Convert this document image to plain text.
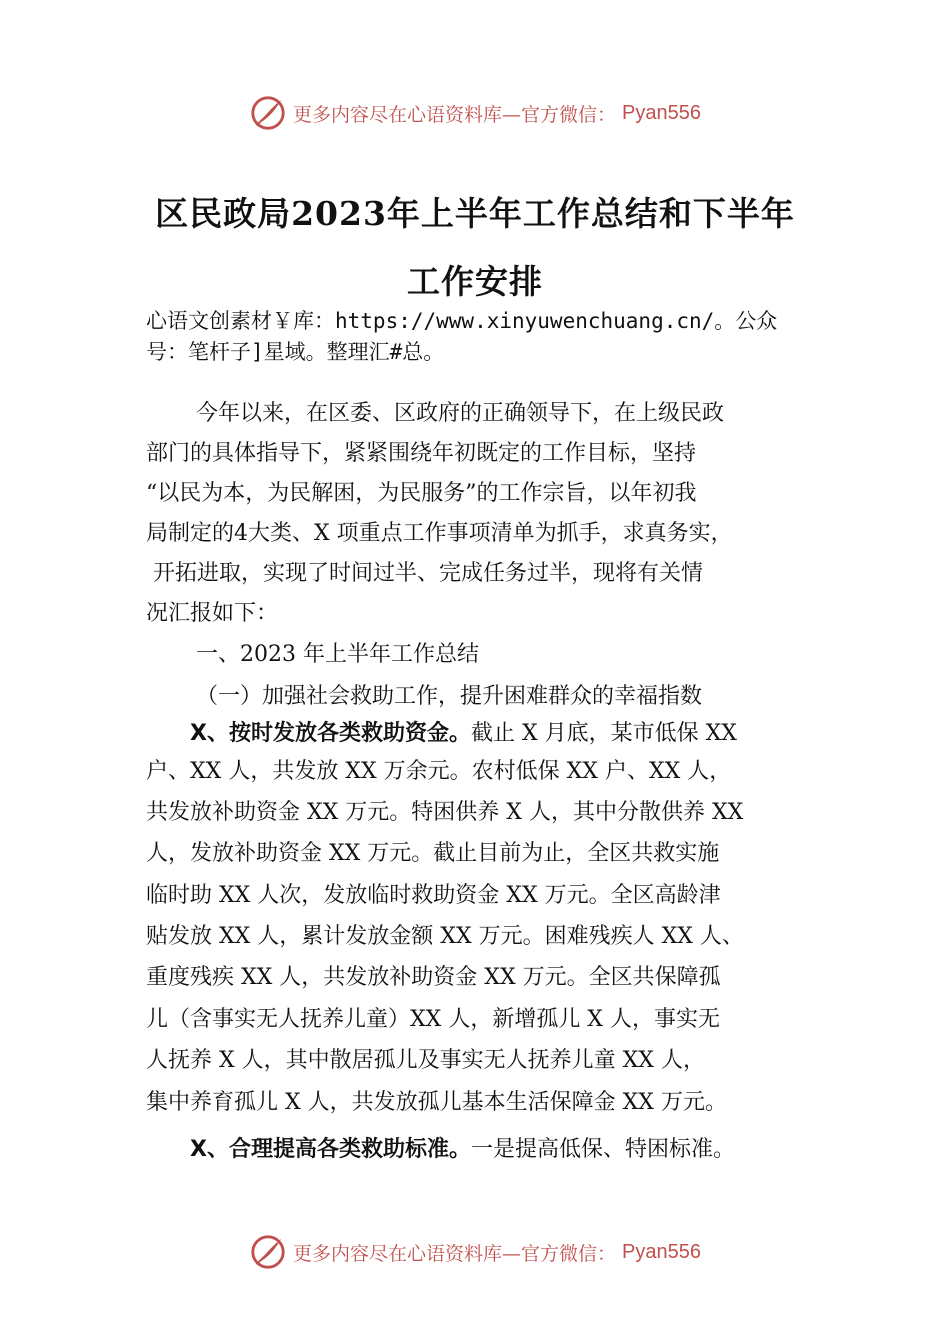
更多内容尽在心语资料库—官方微信： Pyan556
区民政局2023年上半年工作总结和下半年
工作安排
心语文创素材￥库：https://www.xinyuwenchuang.cn/。公众
号：笔杆子]星域。整理汇#总。
今年以来，在区委、区政府的正确领导下，在上级民政
部门的具体指导下，紧紧围绕年初既定的工作目标，坚持
“以民为本，为民解困，为民服务”的工作宗旨，以年初我
局制定的4大类、X 项重点工作事项清单为抓手，求真务实，
开拓进取，实现了时间过半、完成任务过半，现将有关情
况汇报如下：
一、2023 年上半年工作总结
（一）加强社会救助工作，提升困难群众的幸福指数
X、按时发放各类救助资金。截止 X 月底，某市低保 XX
户、XX 人，共发放 XX 万余元。农村低保 XX 户、XX 人，
共发放补助资金 XX 万元。特困供养 X 人，其中分散供养 XX
人，发放补助资金 XX 万元。截止目前为止，全区共救实施
临时助 XX 人次，发放临时救助资金 XX 万元。全区高龄津
贴发放 XX 人，累计发放金额 XX 万元。困难残疾人 XX 人、
重度残疾 XX 人，共发放补助资金 XX 万元。全区共保障孤
儿（含事实无人抚养儿童）XX 人，新增孤儿 X 人，事实无
人抚养 X 人，其中散居孤儿及事实无人抚养儿童 XX 人，
集中养育孤儿 X 人，共发放孤儿基本生活保障金 XX 万元。
X、合理提高各类救助标准。一是提高低保、特困标准。
更多内容尽在心语资料库—官方微信： Pyan556
